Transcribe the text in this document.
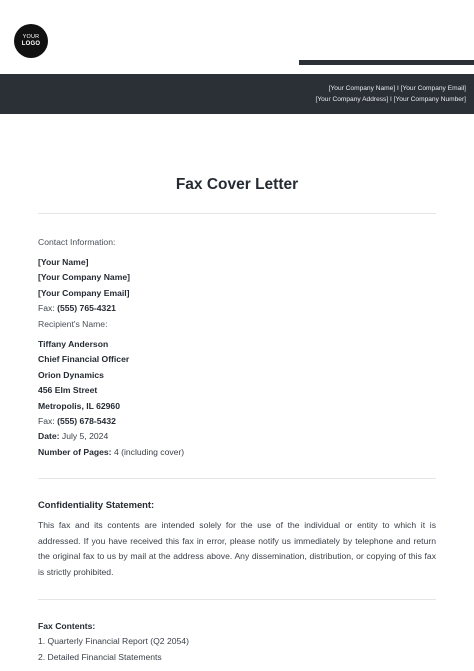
YOUR
LOGO
[Your Company Name] I [Your Company Email]
[Your Company Address] I [Your Company Number]
Fax Cover Letter
Contact Information:
[Your Name]
[Your Company Name]
[Your Company Email]
Fax: (555) 765-4321
Recipient's Name:
Tiffany Anderson
Chief Financial Officer
Orion Dynamics
456 Elm Street
Metropolis, IL 62960
Fax: (555) 678-5432
Date: July 5, 2024
Number of Pages: 4 (including cover)
Confidentiality Statement:

This fax and its contents are intended solely for the use of the individual or entity to which it is addressed. If you have received this fax in error, please notify us immediately by telephone and return the original fax to us by mail at the address above. Any dissemination, distribution, or copying of this fax is strictly prohibited.

Fax Contents:
1. Quarterly Financial Report (Q2 2054)
2. Detailed Financial Statements
